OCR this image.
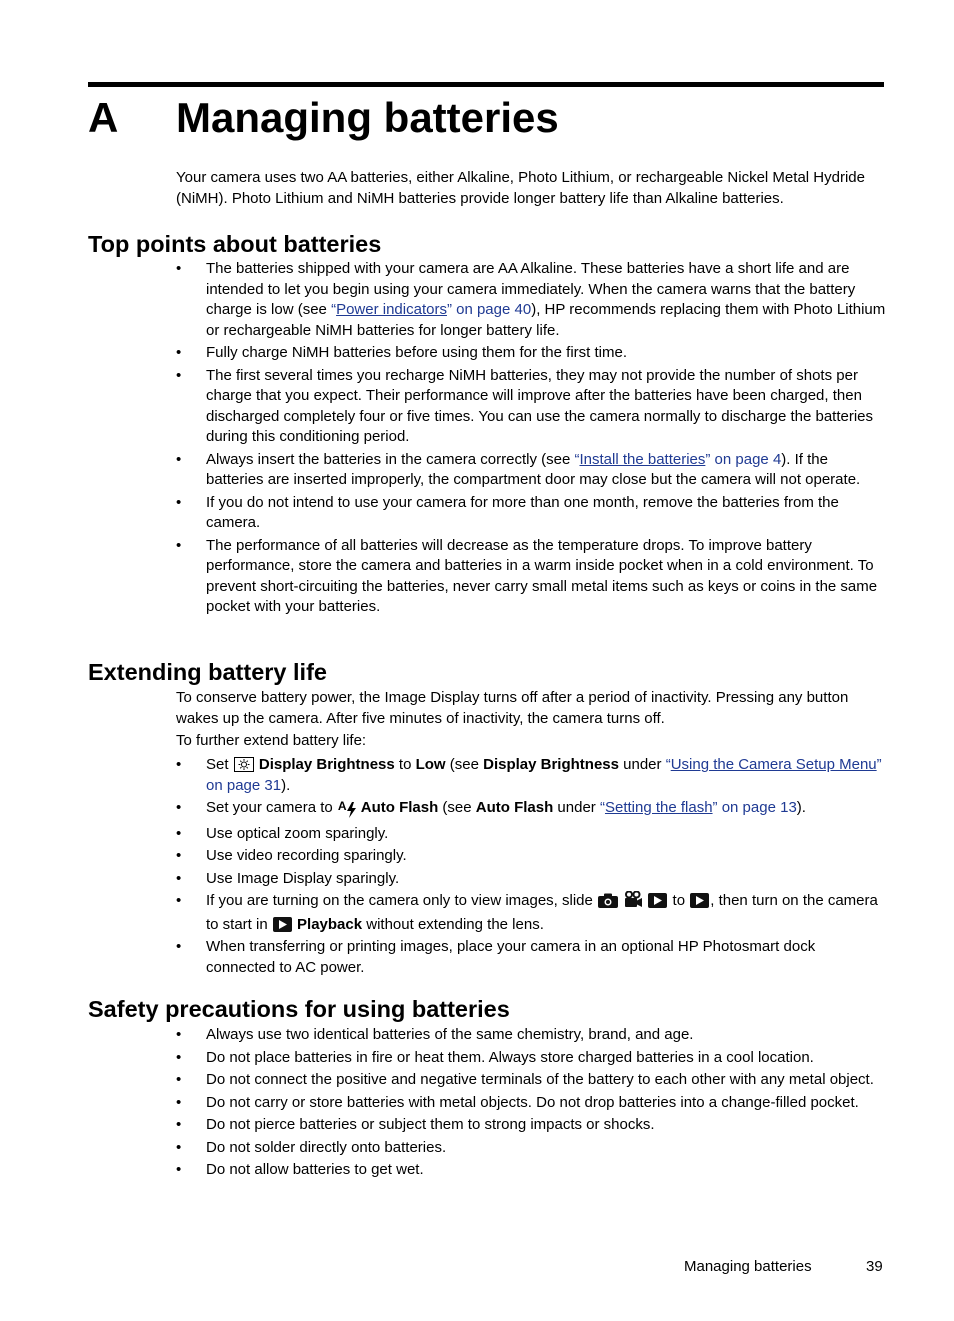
A Managing batteries
Your camera uses two AA batteries, either Alkaline, Photo Lithium, or rechargeable Nickel Metal Hydride (NiMH). Photo Lithium and NiMH batteries provide longer battery life than Alkaline batteries.
Top points about batteries
• The batteries shipped with your camera are AA Alkaline. These batteries have a short life and are intended to let you begin using your camera immediately. When the camera warns that the battery charge is low (see “Power indicators” on page 40), HP recommends replacing them with Photo Lithium or rechargeable NiMH batteries for longer battery life.
• Fully charge NiMH batteries before using them for the first time.
• The first several times you recharge NiMH batteries, they may not provide the number of shots per charge that you expect. Their performance will improve after the batteries have been charged, then discharged completely four or five times. You can use the camera normally to discharge the batteries during this conditioning period.
• Always insert the batteries in the camera correctly (see “Install the batteries” on page 4). If the batteries are inserted improperly, the compartment door may close but the camera will not operate.
• If you do not intend to use your camera for more than one month, remove the batteries from the camera.
• The performance of all batteries will decrease as the temperature drops. To improve battery performance, store the camera and batteries in a warm inside pocket when in a cold environment. To prevent short-circuiting the batteries, never carry small metal items such as keys or coins in the same pocket with your batteries.
Extending battery life
To conserve battery power, the Image Display turns off after a period of inactivity. Pressing any button wakes up the camera. After five minutes of inactivity, the camera turns off.
To further extend battery life:
• Set
Display Brightness to Low (see Display Brightness under “Using the Camera Setup Menu” on page 31).
• Set your camera to $^A$ Auto Flash (see Auto Flash under “Setting the flash” on page 13).
• Use optical zoom sparingly.
• Use video recording sparingly.
• Use Image Display sparingly.
• If you are turning on the camera only to view images, slide	to
, then turn on the camera to start in
Playback without extending the lens.
• When transferring or printing images, place your camera in an optional HP Photosmart dock connected to AC power.
Safety precautions for using batteries
• Always use two identical batteries of the same chemistry, brand, and age.
• Do not place batteries in fire or heat them. Always store charged batteries in a cool location.
• Do not connect the positive and negative terminals of the battery to each other with any metal object.
• Do not carry or store batteries with metal objects. Do not drop batteries into a change-filled pocket.
• Do not pierce batteries or subject them to strong impacts or shocks.
• Do not solder directly onto batteries.
• Do not allow batteries to get wet.
Managing batteries	39
